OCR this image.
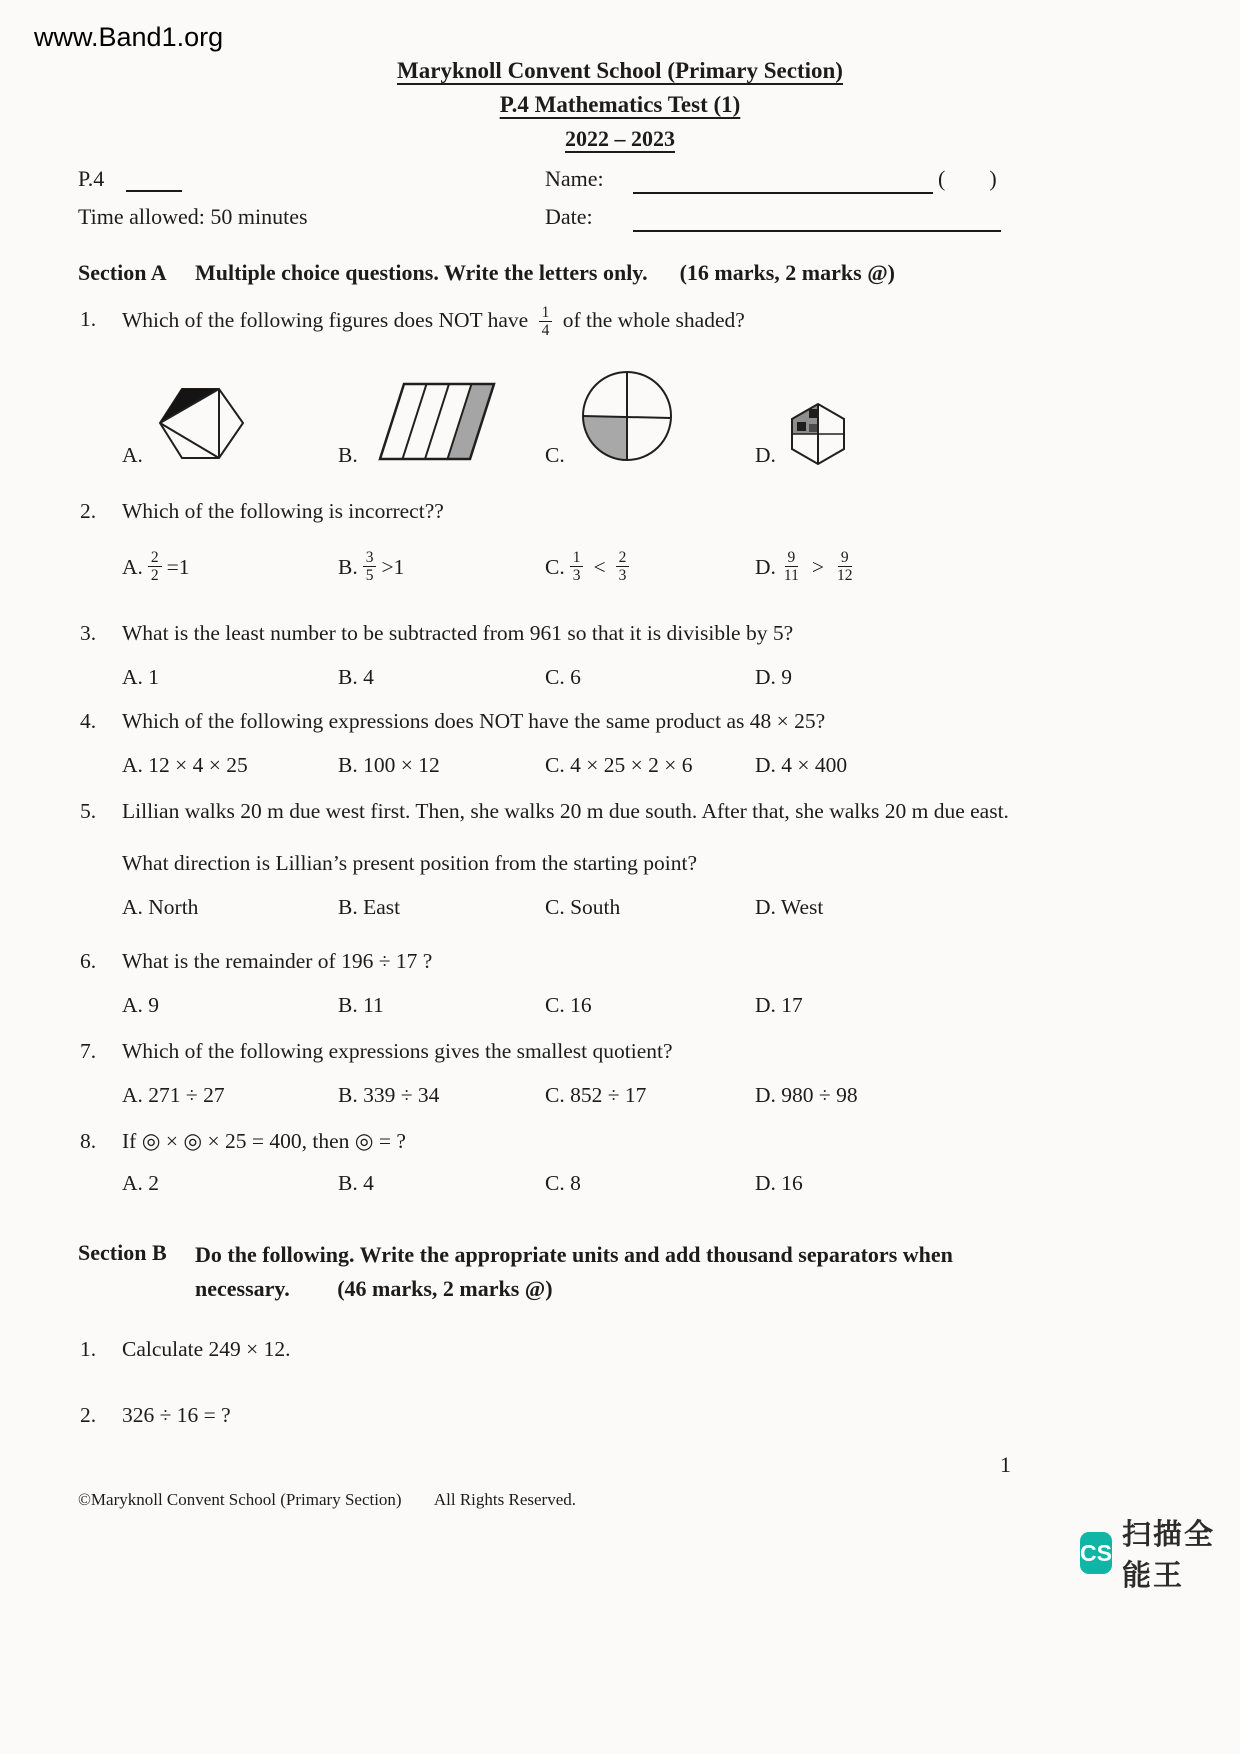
www.Band1.org
Maryknoll Convent School (Primary Section)
P.4 Mathematics Test (1)
2022 – 2023
P.4	Name:	(        )
Time allowed: 50 minutes	Date:
Section A	Multiple choice questions. Write the letters only. (16 marks, 2 marks @)
1.	Which of the following figures does NOT have $\frac{1}{4}$ of the whole shaded?
A.	B.	C.	D.
2.	Which of the following is incorrect??
A. $\frac{2}{2} =1$	B. $\frac{3}{5} >1$	C. $\frac{1}{3} < \frac{2}{3}$	D. $\frac{9}{11} > \frac{9}{12}$
3.	What is the least number to be subtracted from 961 so that it is divisible by 5?
A. 1	B. 4	C. 6	D. 9
4.	Which of the following expressions does NOT have the same product as 48 × 25?
A. 12 × 4 × 25	B. 100 × 12	C. 4 × 25 × 2 × 6	D. 4 × 400
5.	Lillian walks 20 m due west first. Then, she walks 20 m due south. After that, she walks 20 m due east.
What direction is Lillian’s present position from the starting point?
A. North	B. East	C. South	D. West
6.	What is the remainder of 196 ÷ 17 ?
A. 9	B. 11	C. 16	D. 17
7.	Which of the following expressions gives the smallest quotient?
A. 271 ÷ 27	B. 339 ÷ 34	C. 852 ÷ 17	D. 980 ÷ 98
8.	If ◎ × ◎ × 25 = 400, then ◎ = ?
A. 2	B. 4	C. 8	D. 16
Section B	Do the following. Write the appropriate units and add thousand separators when
necessary. (46 marks, 2 marks @)
1.	Calculate 249 × 12.
2.	326 ÷ 16 = ?
1
©Maryknoll Convent School (Primary Section) All Rights Reserved.
CS
扫描全能王
